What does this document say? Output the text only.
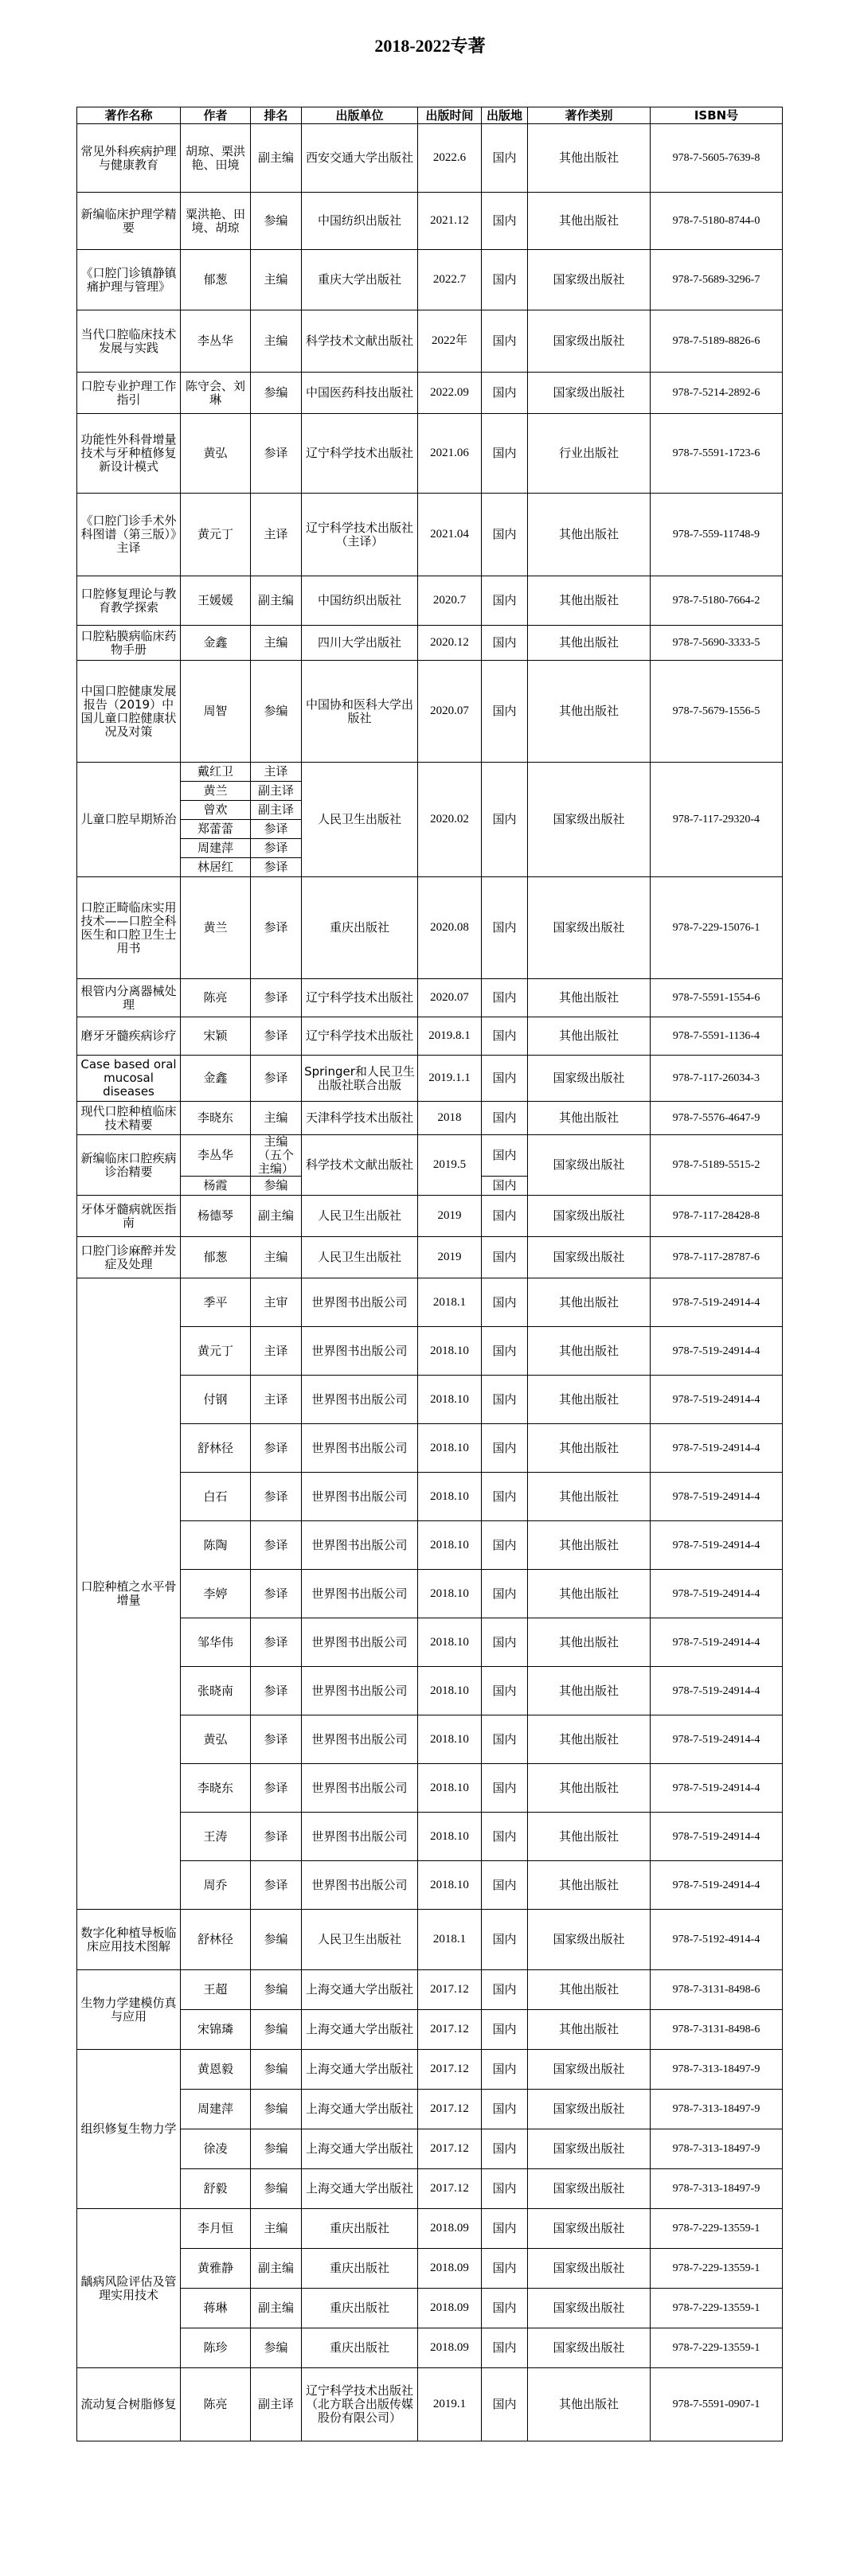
2018-2022专著
著作名称	作者	排名	出版单位	出版时间	出版地	著作类别	ISBN号
常见外科疾病护理与健康教育	胡琼、栗洪艳、田境	副主编	西安交通大学出版社	2022.6	国内	其他出版社	978-7-5605-7639-8
新编临床护理学精要	粟洪艳、田境、胡琼	参编	中国纺织出版社	2021.12	国内	其他出版社	978-7-5180-8744-0
《口腔门诊镇静镇痛护理与管理》	郁葱	主编	重庆大学出版社	2022.7	国内	国家级出版社	978-7-5689-3296-7
当代口腔临床技术发展与实践	李丛华	主编	科学技术文献出版社	2022年	国内	国家级出版社	978-7-5189-8826-6
口腔专业护理工作指引	陈守会、刘琳	参编	中国医药科技出版社	2022.09	国内	国家级出版社	978-7-5214-2892-6
功能性外科骨增量技术与牙种植修复新设计模式	黄弘	参译	辽宁科学技术出版社	2021.06	国内	行业出版社	978-7-5591-1723-6
《口腔门诊手术外科图谱（第三版）》主译	黄元丁	主译	辽宁科学技术出版社（主译）	2021.04	国内	其他出版社	978-7-559-11748-9
口腔修复理论与教育教学探索	王媛媛	副主编	中国纺织出版社	2020.7	国内	其他出版社	978-7-5180-7664-2
口腔粘膜病临床药物手册	金鑫	主编	四川大学出版社	2020.12	国内	其他出版社	978-7-5690-3333-5
中国口腔健康发展报告（2019）中国儿童口腔健康状况及对策	周智	参编	中国协和医科大学出版社	2020.07	国内	其他出版社	978-7-5679-1556-5
儿童口腔早期矫治	戴红卫	主译	人民卫生出版社	2020.02	国内	国家级出版社	978-7-117-29320-4
	黄兰	副主译					
	曾欢	副主译					
	郑蕾蕾	参译					
	周建萍	参译					
	林居红	参译					
口腔正畸临床实用技术——口腔全科医生和口腔卫生士用书	黄兰	参译	重庆出版社	2020.08	国内	国家级出版社	978-7-229-15076-1
根管内分离器械处理	陈亮	参译	辽宁科学技术出版社	2020.07	国内	其他出版社	978-7-5591-1554-6
磨牙牙髓疾病诊疗	宋颖	参译	辽宁科学技术出版社	2019.8.1	国内	其他出版社	978-7-5591-1136-4
Case based oral mucosal diseases	金鑫	参译	Springer和人民卫生出版社联合出版	2019.1.1	国内	国家级出版社	978-7-117-26034-3
现代口腔种植临床技术精要	李晓东	主编	天津科学技术出版社	2018	国内	其他出版社	978-7-5576-4647-9
新编临床口腔疾病诊治精要	李丛华	主编（五个主编）	科学技术文献出版社	2019.5	国内	国家级出版社	978-7-5189-5515-2
	杨霞	参编			国内		
牙体牙髓病就医指南	杨德琴	副主编	人民卫生出版社	2019	国内	国家级出版社	978-7-117-28428-8
口腔门诊麻醉并发症及处理	郁葱	主编	人民卫生出版社	2019	国内	国家级出版社	978-7-117-28787-6
口腔种植之水平骨增量	季平	主审	世界图书出版公司	2018.1	国内	其他出版社	978-7-519-24914-4
	黄元丁	主译	世界图书出版公司	2018.10	国内	其他出版社	978-7-519-24914-4
	付钢	主译	世界图书出版公司	2018.10	国内	其他出版社	978-7-519-24914-4
	舒林径	参译	世界图书出版公司	2018.10	国内	其他出版社	978-7-519-24914-4
	白石	参译	世界图书出版公司	2018.10	国内	其他出版社	978-7-519-24914-4
	陈陶	参译	世界图书出版公司	2018.10	国内	其他出版社	978-7-519-24914-4
	李婷	参译	世界图书出版公司	2018.10	国内	其他出版社	978-7-519-24914-4
	邹华伟	参译	世界图书出版公司	2018.10	国内	其他出版社	978-7-519-24914-4
	张晓南	参译	世界图书出版公司	2018.10	国内	其他出版社	978-7-519-24914-4
	黄弘	参译	世界图书出版公司	2018.10	国内	其他出版社	978-7-519-24914-4
	李晓东	参译	世界图书出版公司	2018.10	国内	其他出版社	978-7-519-24914-4
	王涛	参译	世界图书出版公司	2018.10	国内	其他出版社	978-7-519-24914-4
	周乔	参译	世界图书出版公司	2018.10	国内	其他出版社	978-7-519-24914-4
数字化种植导板临床应用技术图解	舒林径	参编	人民卫生出版社	2018.1	国内	国家级出版社	978-7-5192-4914-4
生物力学建模仿真与应用	王超	参编	上海交通大学出版社	2017.12	国内	其他出版社	978-7-3131-8498-6
	宋锦璘	参编	上海交通大学出版社	2017.12	国内	其他出版社	978-7-3131-8498-6
组织修复生物力学	黄恩毅	参编	上海交通大学出版社	2017.12	国内	国家级出版社	978-7-313-18497-9
	周建萍	参编	上海交通大学出版社	2017.12	国内	国家级出版社	978-7-313-18497-9
	徐凌	参编	上海交通大学出版社	2017.12	国内	国家级出版社	978-7-313-18497-9
	舒毅	参编	上海交通大学出版社	2017.12	国内	国家级出版社	978-7-313-18497-9
龋病风险评估及管理实用技术	李月恒	主编	重庆出版社	2018.09	国内	国家级出版社	978-7-229-13559-1
	黄雅静	副主编	重庆出版社	2018.09	国内	国家级出版社	978-7-229-13559-1
	蒋琳	副主编	重庆出版社	2018.09	国内	国家级出版社	978-7-229-13559-1
	陈珍	参编	重庆出版社	2018.09	国内	国家级出版社	978-7-229-13559-1
流动复合树脂修复	陈亮	副主译	辽宁科学技术出版社（北方联合出版传媒股份有限公司）	2019.1	国内	其他出版社	978-7-5591-0907-1
